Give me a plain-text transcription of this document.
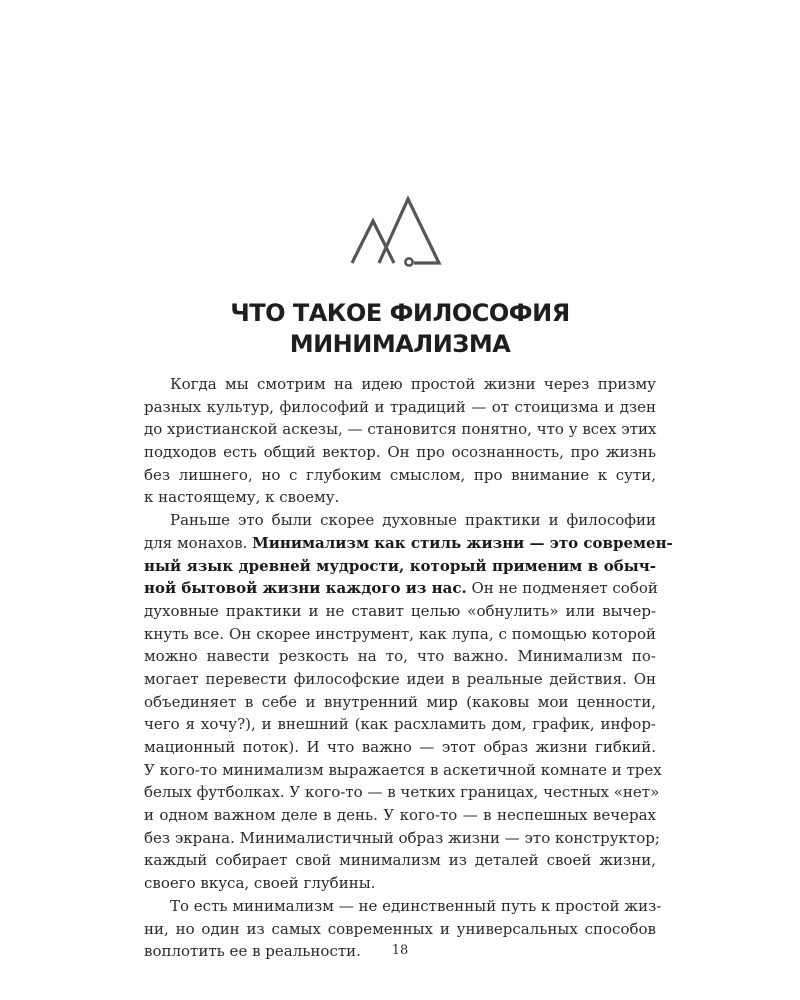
ЧТО ТАКОЕ ФИЛОСОФИЯ
МИНИМАЛИЗМА
Когда мы смотрим на идею простой жизни через призму
разных культур, философий и традиций — от стоицизма и дзен
до христианской аскезы, — становится понятно, что у всех этих
подходов есть общий вектор. Он про осознанность, про жизнь
без лишнего, но с глубоким смыслом, про внимание к сути,
к настоящему, к своему.
Раньше это были скорее духовные практики и философии
для монахов. Минимализм как стиль жизни — это современ-
ный язык древней мудрости, который применим в обыч-
ной бытовой жизни каждого из нас. Он не подменяет собой
духовные практики и не ставит целью «обнулить» или вычер-
кнуть все. Он скорее инструмент, как лупа, с помощью которой
можно навести резкость на то, что важно. Минимализм по-
могает перевести философские идеи в реальные действия. Он
объединяет в себе и внутренний мир (каковы мои ценности,
чего я хочу?), и внешний (как расхламить дом, график, инфор-
мационный поток). И что важно — этот образ жизни гибкий.
У кого-то минимализм выражается в аскетичной комнате и трех
белых футболках. У кого-то — в четких границах, честных «нет»
и одном важном деле в день. У кого-то — в неспешных вечерах
без экрана. Минималистичный образ жизни — это конструктор;
каждый собирает свой минимализм из деталей своей жизни,
своего вкуса, своей глубины.
То есть минимализм — не единственный путь к простой жиз-
ни, но один из самых современных и универсальных способов
воплотить ее в реальности.	18
